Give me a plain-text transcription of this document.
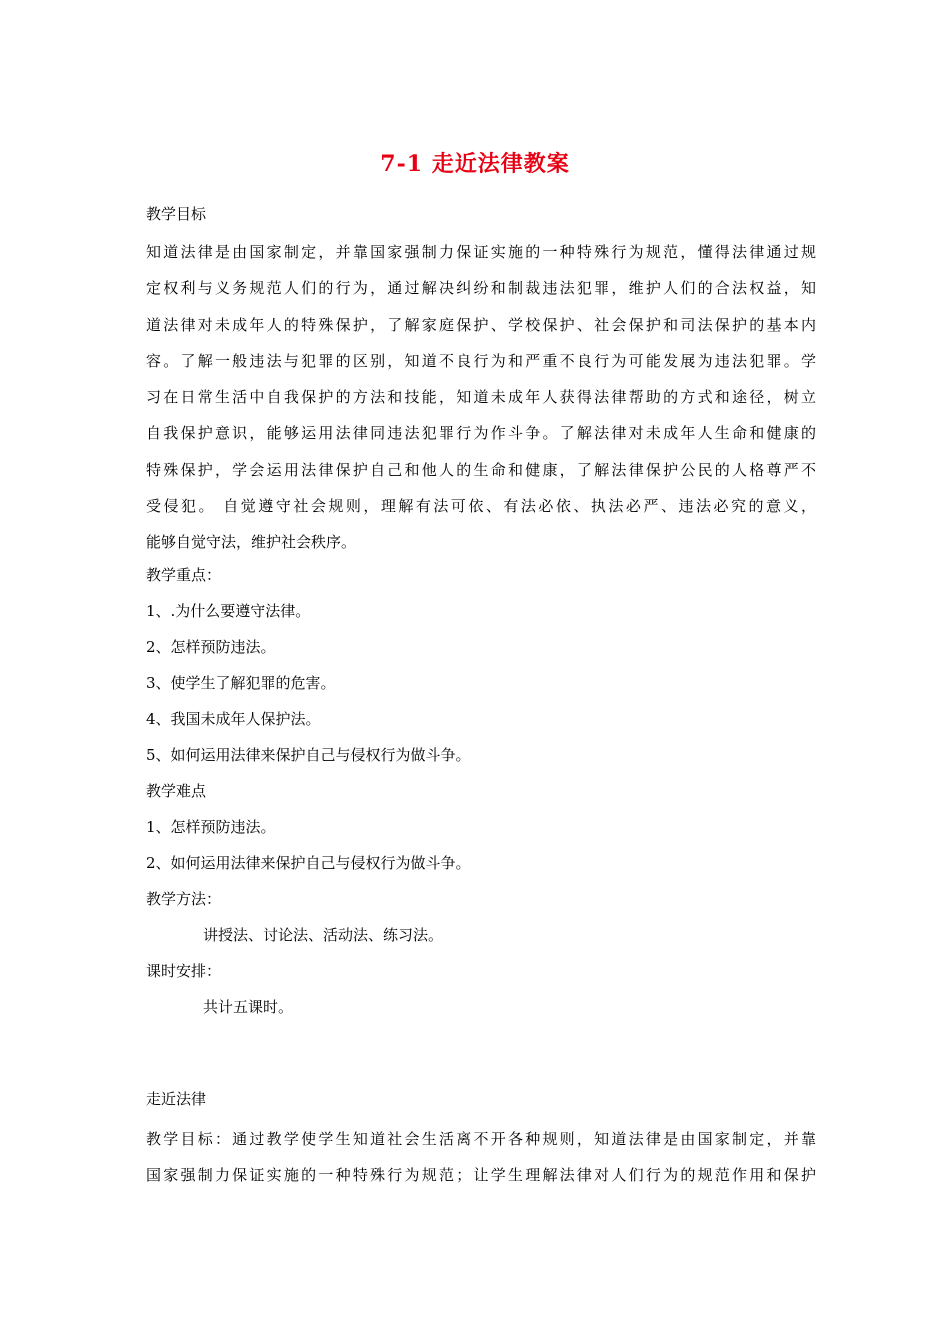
7-1 走近法律教案
教学目标
知道法律是由国家制定，并靠国家强制力保证实施的一种特殊行为规范，懂得法律通过规
定权利与义务规范人们的行为，通过解决纠纷和制裁违法犯罪，维护人们的合法权益，知
道法律对未成年人的特殊保护，了解家庭保护、学校保护、社会保护和司法保护的基本内
容。了解一般违法与犯罪的区别，知道不良行为和严重不良行为可能发展为违法犯罪。学
习在日常生活中自我保护的方法和技能，知道未成年人获得法律帮助的方式和途径，树立
自我保护意识，能够运用法律同违法犯罪行为作斗争。了解法律对未成年人生命和健康的
特殊保护，学会运用法律保护自己和他人的生命和健康，了解法律保护公民的人格尊严不
受侵犯。 自觉遵守社会规则，理解有法可依、有法必依、执法必严、违法必究的意义，
能够自觉守法，维护社会秩序。
教学重点：
1、.为什么要遵守法律。
2、怎样预防违法。
3、使学生了解犯罪的危害。
4、我国未成年人保护法。
5、如何运用法律来保护自己与侵权行为做斗争。
教学难点
1、怎样预防违法。
2、如何运用法律来保护自己与侵权行为做斗争。
教学方法：
讲授法、讨论法、活动法、练习法。
课时安排：
共计五课时。
走近法律
教学目标：通过教学使学生知道社会生活离不开各种规则，知道法律是由国家制定，并靠
国家强制力保证实施的一种特殊行为规范；让学生理解法律对人们行为的规范作用和保护
